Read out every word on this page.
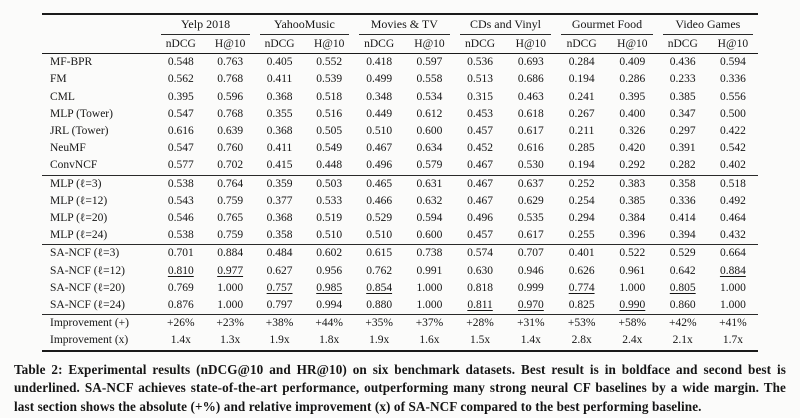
	Yelp 2018		YahooMusic		Movies & TV		CDs and Vinyl		Gourmet Food		Video Games	

	nDCG	H@10	nDCG	H@10	nDCG	H@10	nDCG	H@10	nDCG	H@10	nDCG	H@10
MF-BPR	0.548	0.763	0.405	0.552	0.418	0.597	0.536	0.693	0.284	0.409	0.436	0.594
FM	0.562	0.768	0.411	0.539	0.499	0.558	0.513	0.686	0.194	0.286	0.233	0.336
CML	0.395	0.596	0.368	0.518	0.348	0.534	0.315	0.463	0.241	0.395	0.385	0.556
MLP (Tower)	0.547	0.768	0.355	0.516	0.449	0.612	0.453	0.618	0.267	0.400	0.347	0.500
JRL (Tower)	0.616	0.639	0.368	0.505	0.510	0.600	0.457	0.617	0.211	0.326	0.297	0.422
NeuMF	0.547	0.760	0.411	0.549	0.467	0.634	0.452	0.616	0.285	0.420	0.391	0.542
ConvNCF	0.577	0.702	0.415	0.448	0.496	0.579	0.467	0.530	0.194	0.292	0.282	0.402
MLP (ℓ=3)	0.538	0.764	0.359	0.503	0.465	0.631	0.467	0.637	0.252	0.383	0.358	0.518
MLP (ℓ=12)	0.543	0.759	0.377	0.533	0.466	0.632	0.467	0.629	0.254	0.385	0.336	0.492
MLP (ℓ=20)	0.546	0.765	0.368	0.519	0.529	0.594	0.496	0.535	0.294	0.384	0.414	0.464
MLP (ℓ=24)	0.538	0.759	0.358	0.510	0.510	0.600	0.457	0.617	0.255	0.396	0.394	0.432
SA-NCF (ℓ=3)	0.701	0.884	0.484	0.602	0.615	0.738	0.574	0.707	0.401	0.522	0.529	0.664
SA-NCF (ℓ=12)	0.810	0.977	0.627	0.956	0.762	0.991	0.630	0.946	0.626	0.961	0.642	0.884
SA-NCF (ℓ=20)	0.769	1.000	0.757	0.985	0.854	1.000	0.818	0.999	0.774	1.000	0.805	1.000
SA-NCF (ℓ=24)	0.876	1.000	0.797	0.994	0.880	1.000	0.811	0.970	0.825	0.990	0.860	1.000
Improvement (+)	+26%	+23%	+38%	+44%	+35%	+37%	+28%	+31%	+53%	+58%	+42%	+41%
Improvement (x)	1.4x	1.3x	1.9x	1.8x	1.9x	1.6x	1.5x	1.4x	2.8x	2.4x	2.1x	1.7x

Table 2: Experimental results (nDCG@10 and HR@10) on six benchmark datasets. Best result is in boldface and second best is underlined. SA-NCF achieves state-of-the-art performance, outperforming many strong neural CF baselines by a wide margin. The last section shows the absolute (+%) and relative improvement (x) of SA-NCF compared to the best performing baseline.
